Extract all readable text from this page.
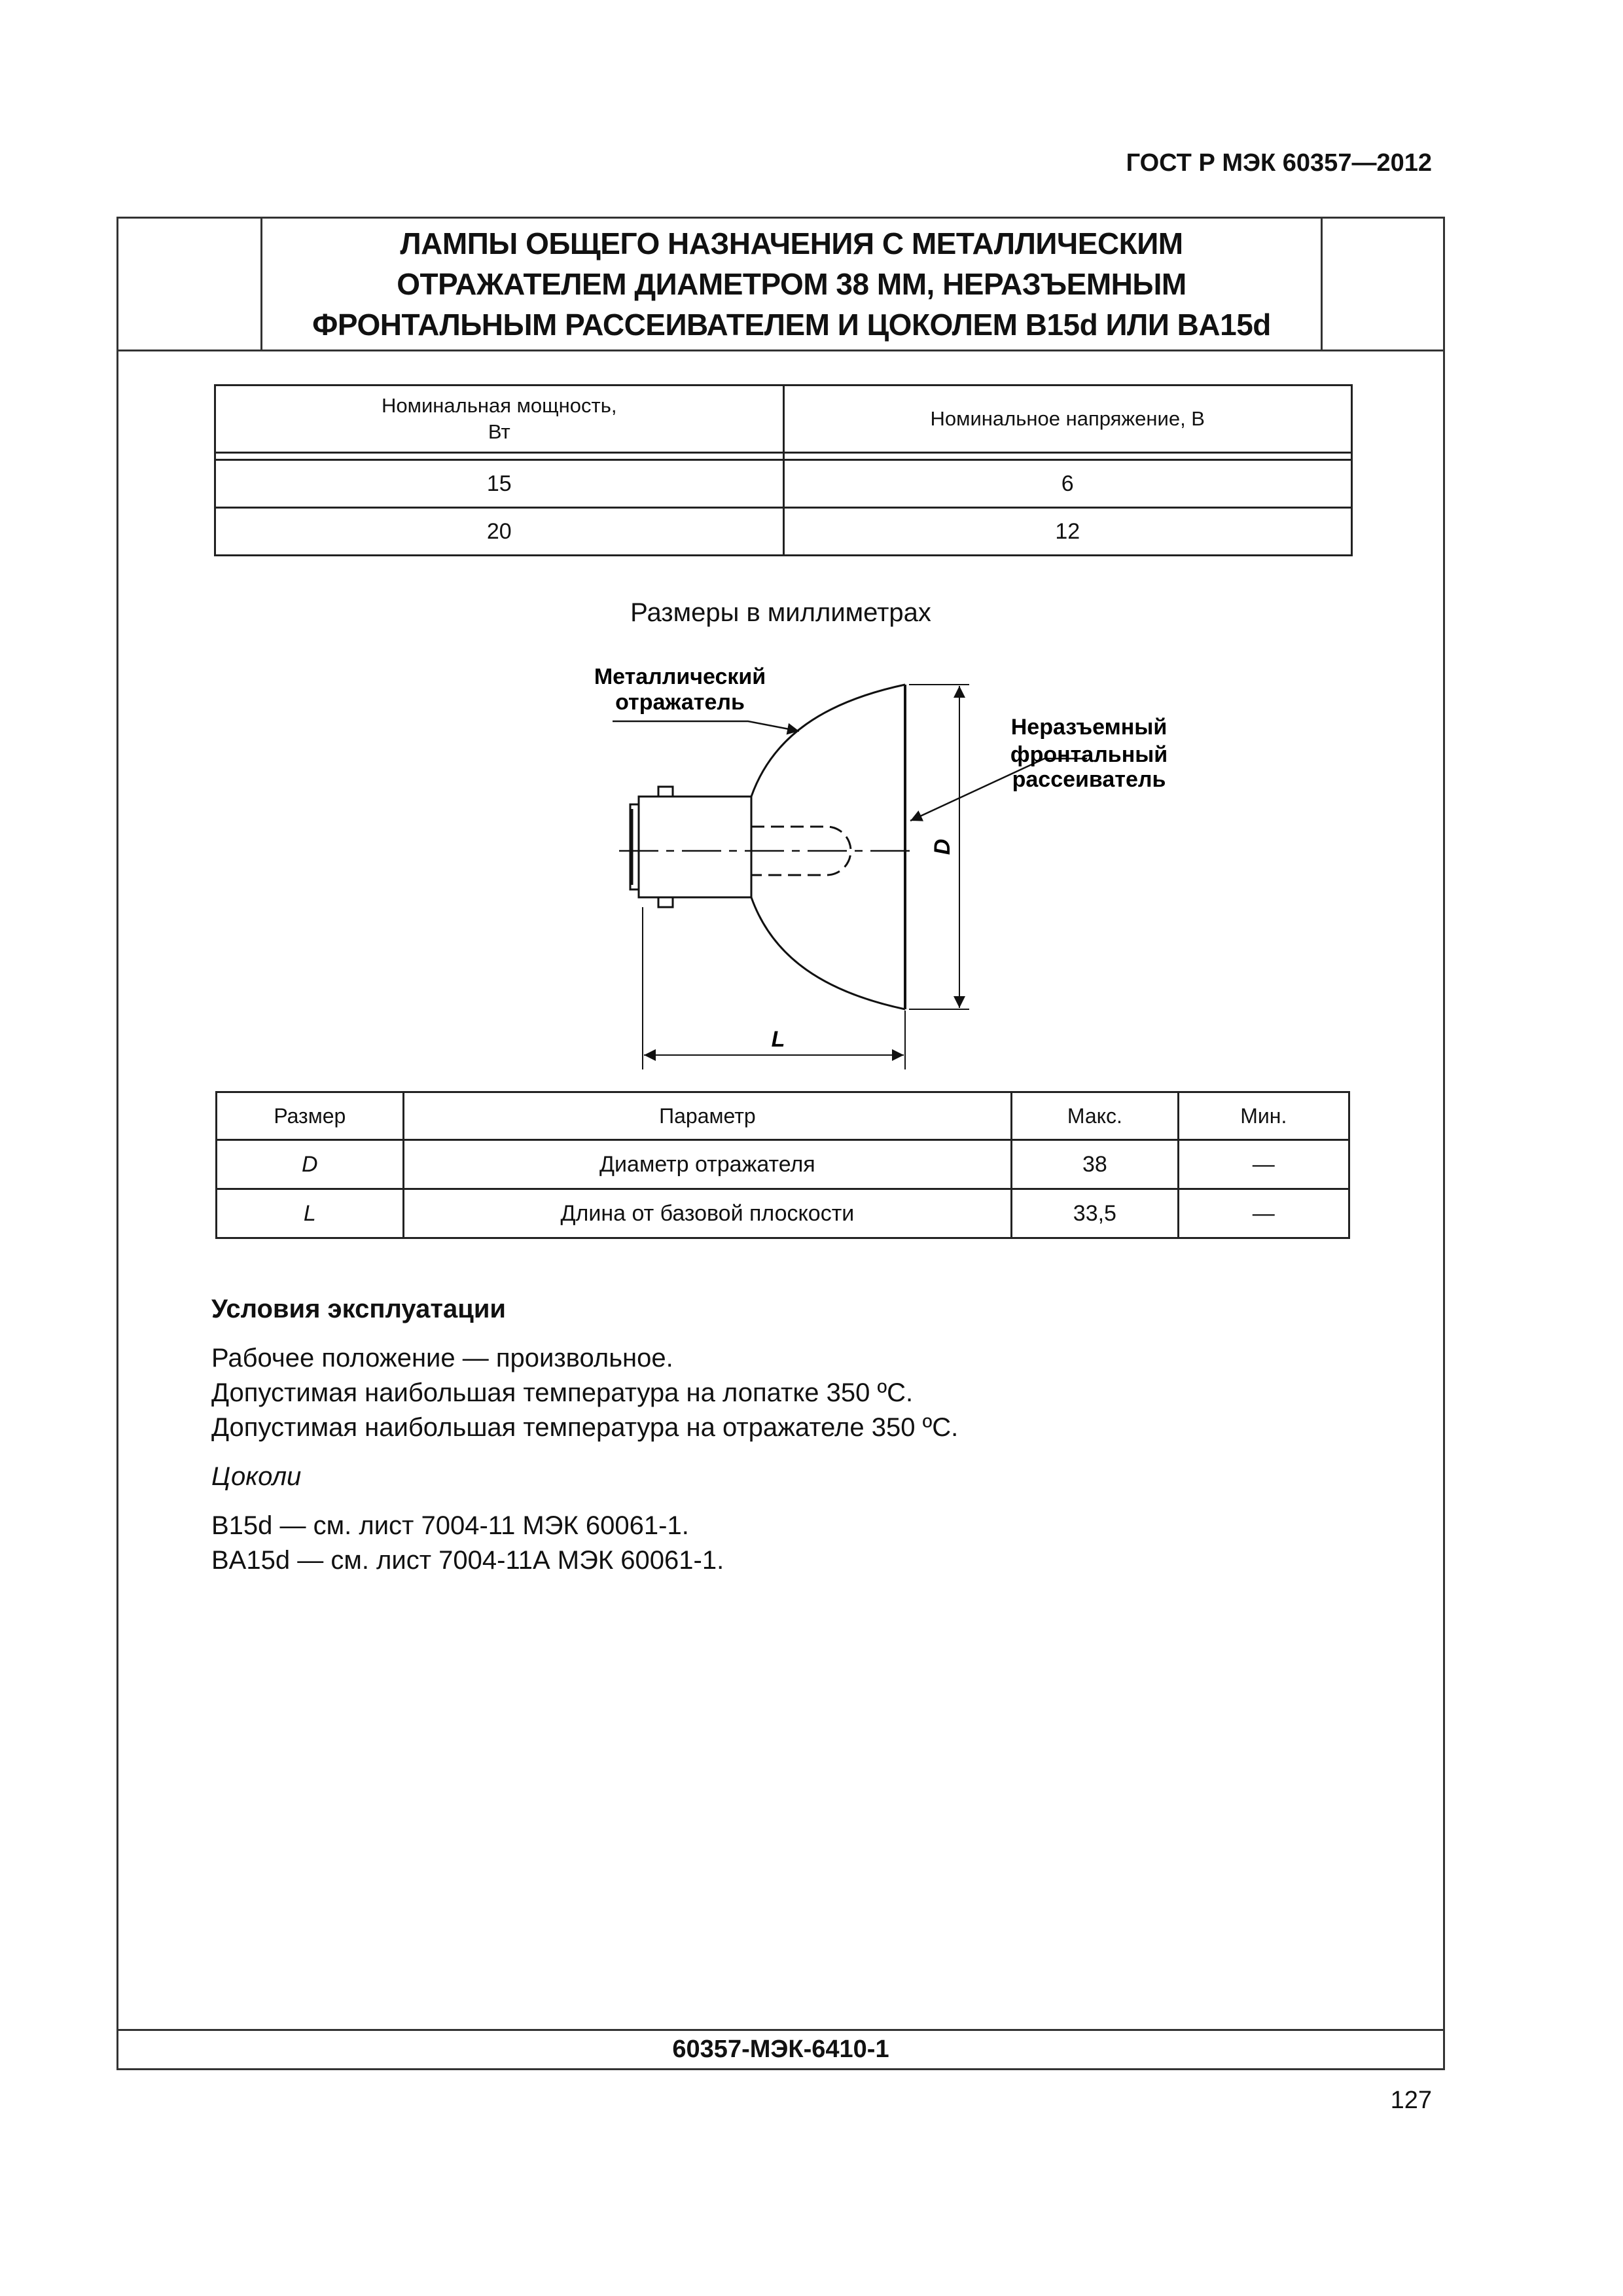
ГОСТ Р МЭК 60357—2012
ЛАМПЫ ОБЩЕГО НАЗНАЧЕНИЯ С МЕТАЛЛИЧЕСКИМ
ОТРАЖАТЕЛЕМ ДИАМЕТРОМ 38 ММ, НЕРАЗЪЕМНЫМ
ФРОНТАЛЬНЫМ РАССЕИВАТЕЛЕМ И ЦОКОЛЕМ B15d ИЛИ BA15d
Номинальная мощность,
Вт	Номинальное напряжение, В

15	6
20	12
Размеры в миллиметрах
Металлический
отражатель
Неразъемный
фронтальный
рассеиватель
D
L
Размер	Параметр	Макс.	Мин.
D	Диаметр отражателя	38	—
L	Длина от базовой плоскости	33,5	—
Условия эксплуатации
Рабочее положение — произвольное.
Допустимая наибольшая температура на лопатке 350 ºС.
Допустимая наибольшая температура на отражателе 350 ºС.
Цоколи
B15d — см. лист 7004-11 МЭК 60061-1.
BA15d — см. лист 7004-11А МЭК 60061-1.
60357-МЭК-6410-1
127
